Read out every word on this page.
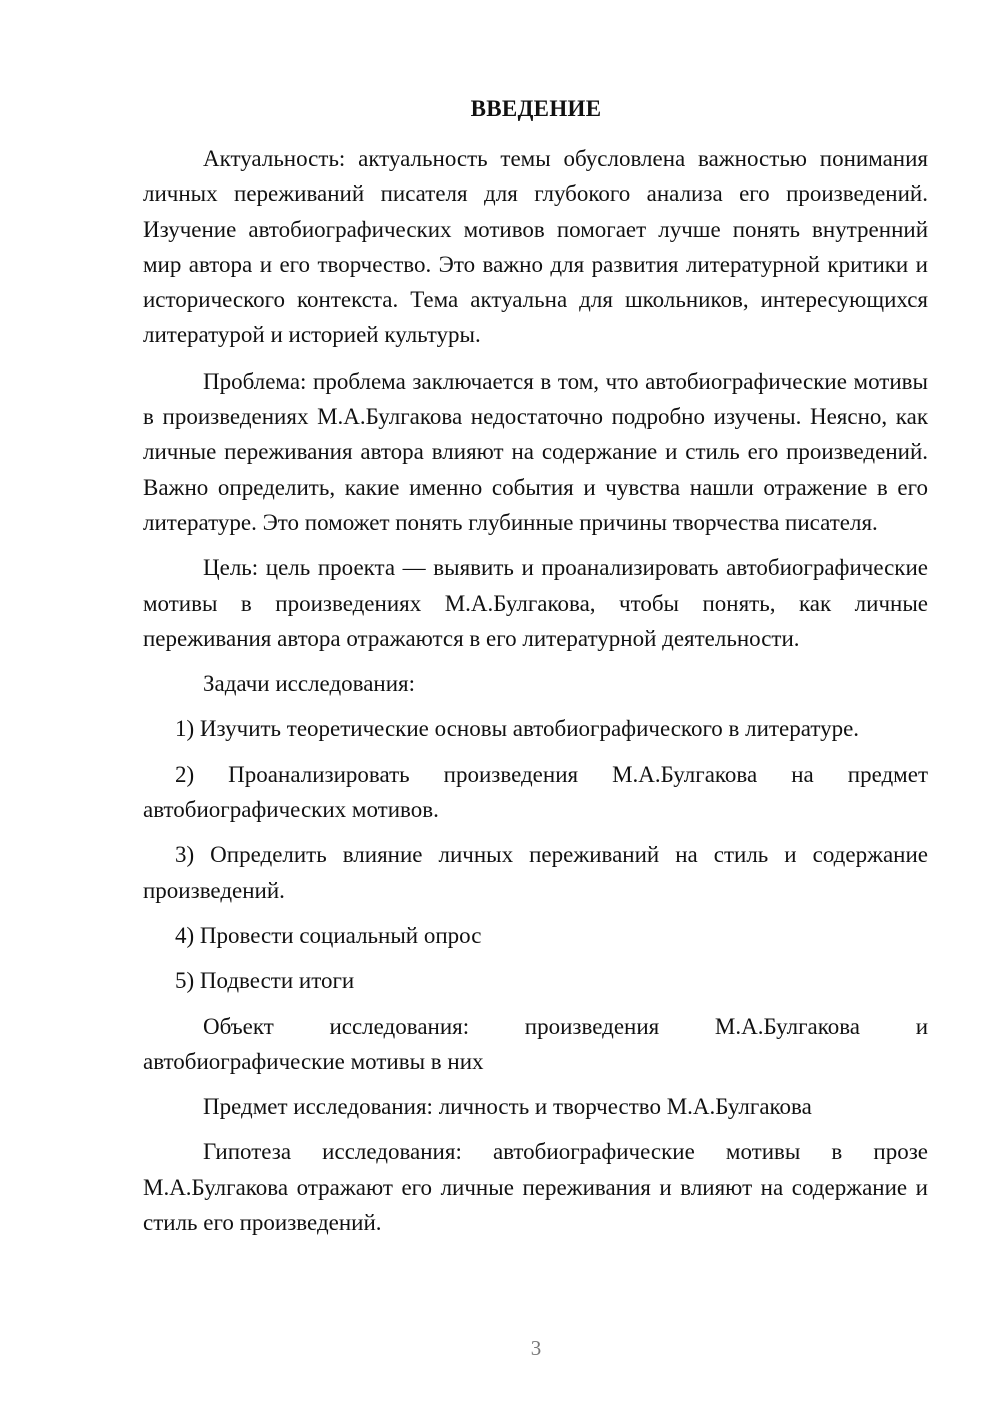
ВВЕДЕНИЕ

Актуальность: актуальность темы обусловлена важностью понимания личных переживаний писателя для глубокого анализа его произведений. Изучение автобиографических мотивов помогает лучше понять внутренний мир автора и его творчество. Это важно для развития литературной критики и исторического контекста. Тема актуальна для школьников, интересующихся литературой и историей культуры.

Проблема: проблема заключается в том, что автобиографические мотивы в произведениях М.А.Булгакова недостаточно подробно изучены. Неясно, как личные переживания автора влияют на содержание и стиль его произведений. Важно определить, какие именно события и чувства нашли отражение в его литературе. Это поможет понять глубинные причины творчества писателя.

Цель: цель проекта — выявить и проанализировать автобиографические мотивы в произведениях М.А.Булгакова, чтобы понять, как личные переживания автора отражаются в его литературной деятельности.

Задачи исследования:

1) Изучить теоретические основы автобиографического в литературе.

2) Проанализировать произведения М.А.Булгакова на предмет автобиографических мотивов.

3) Определить влияние личных переживаний на стиль и содержание произведений.

4) Провести социальный опрос

5) Подвести итоги

Объект исследования: произведения М.А.Булгакова и автобиографические мотивы в них

Предмет исследования: личность и творчество М.А.Булгакова

Гипотеза исследования: автобиографические мотивы в прозе М.А.Булгакова отражают его личные переживания и влияют на содержание и стиль его произведений.

3
